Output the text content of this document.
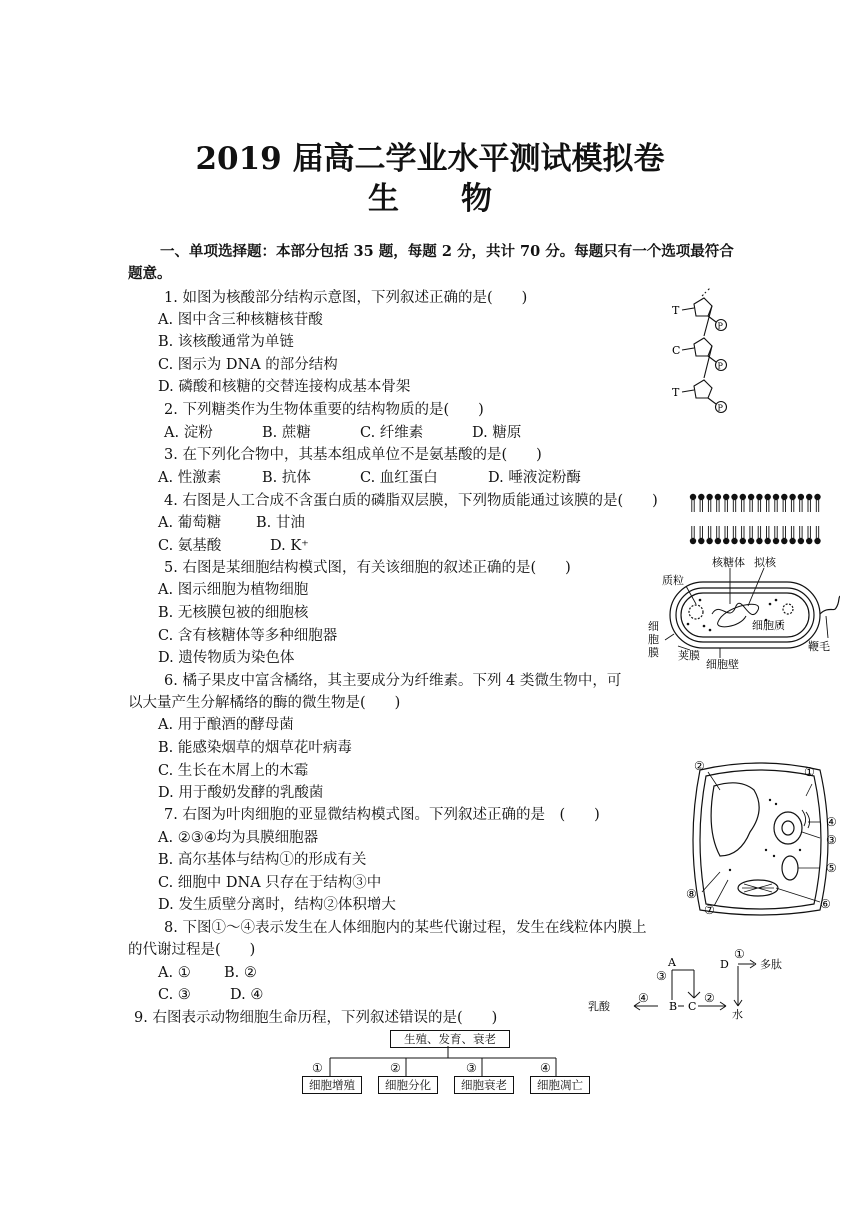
2019 届高二学业水平测试模拟卷
生　　物
一、单项选择题：本部分包括 35 题，每题 2 分，共计 70 分。每题只有一个选项最符合
题意。
1. 如图为核酸部分结构示意图，下列叙述正确的是(　　)
A. 图中含三种核糖核苷酸
B. 该核酸通常为单链
C. 图示为 DNA 的部分结构
D. 磷酸和核糖的交替连接构成基本骨架
2. 下列糖类作为生物体重要的结构物质的是(　　)
A. 淀粉	B. 蔗糖	C. 纤维素	D. 糖原
3. 在下列化合物中，其基本组成单位不是氨基酸的是(　　)
A. 性激素	B. 抗体	C. 血红蛋白	D. 唾液淀粉酶
4. 右图是人工合成不含蛋白质的磷脂双层膜，下列物质能通过该膜的是(　　)
A. 葡萄糖 B. 甘油
C. 氨基酸	D. K⁺
5. 右图是某细胞结构模式图，有关该细胞的叙述正确的是(　　)
A. 图示细胞为植物细胞
B. 无核膜包被的细胞核
C. 含有核糖体等多种细胞器
D. 遗传物质为染色体
6. 橘子果皮中富含橘络，其主要成分为纤维素。下列 4 类微生物中，可
以大量产生分解橘络的酶的微生物是(　　)
A. 用于酿酒的酵母菌
B. 能感染烟草的烟草花叶病毒
C. 生长在木屑上的木霉
D. 用于酸奶发酵的乳酸菌
7. 右图为叶肉细胞的亚显微结构模式图。下列叙述正确的是　(　　)
A. ②③④均为具膜细胞器
B. 高尔基体与结构①的形成有关
C. 细胞中 DNA 只存在于结构③中
D. 发生质壁分离时，结构②体积增大
8. 下图①～④表示发生在人体细胞内的某些代谢过程，发生在线粒体内膜上
的代谢过程是(　　)
A. ① B. ②
C. ③	D. ④
9. 右图表示动物细胞生命历程，下列叙述错误的是(　　)
T
C
T
P
P
P
核糖体 拟核
质粒
细胞质
细
胞
膜 荚膜
细胞壁
鞭毛
②	①
④
③
⑤
⑥
⑦
⑧
A
B C
D
乳酸
水
多肽
①
②
③
④
生殖、发育、衰老
①	②	③	④
细胞增殖	细胞分化	细胞衰老	细胞凋亡
